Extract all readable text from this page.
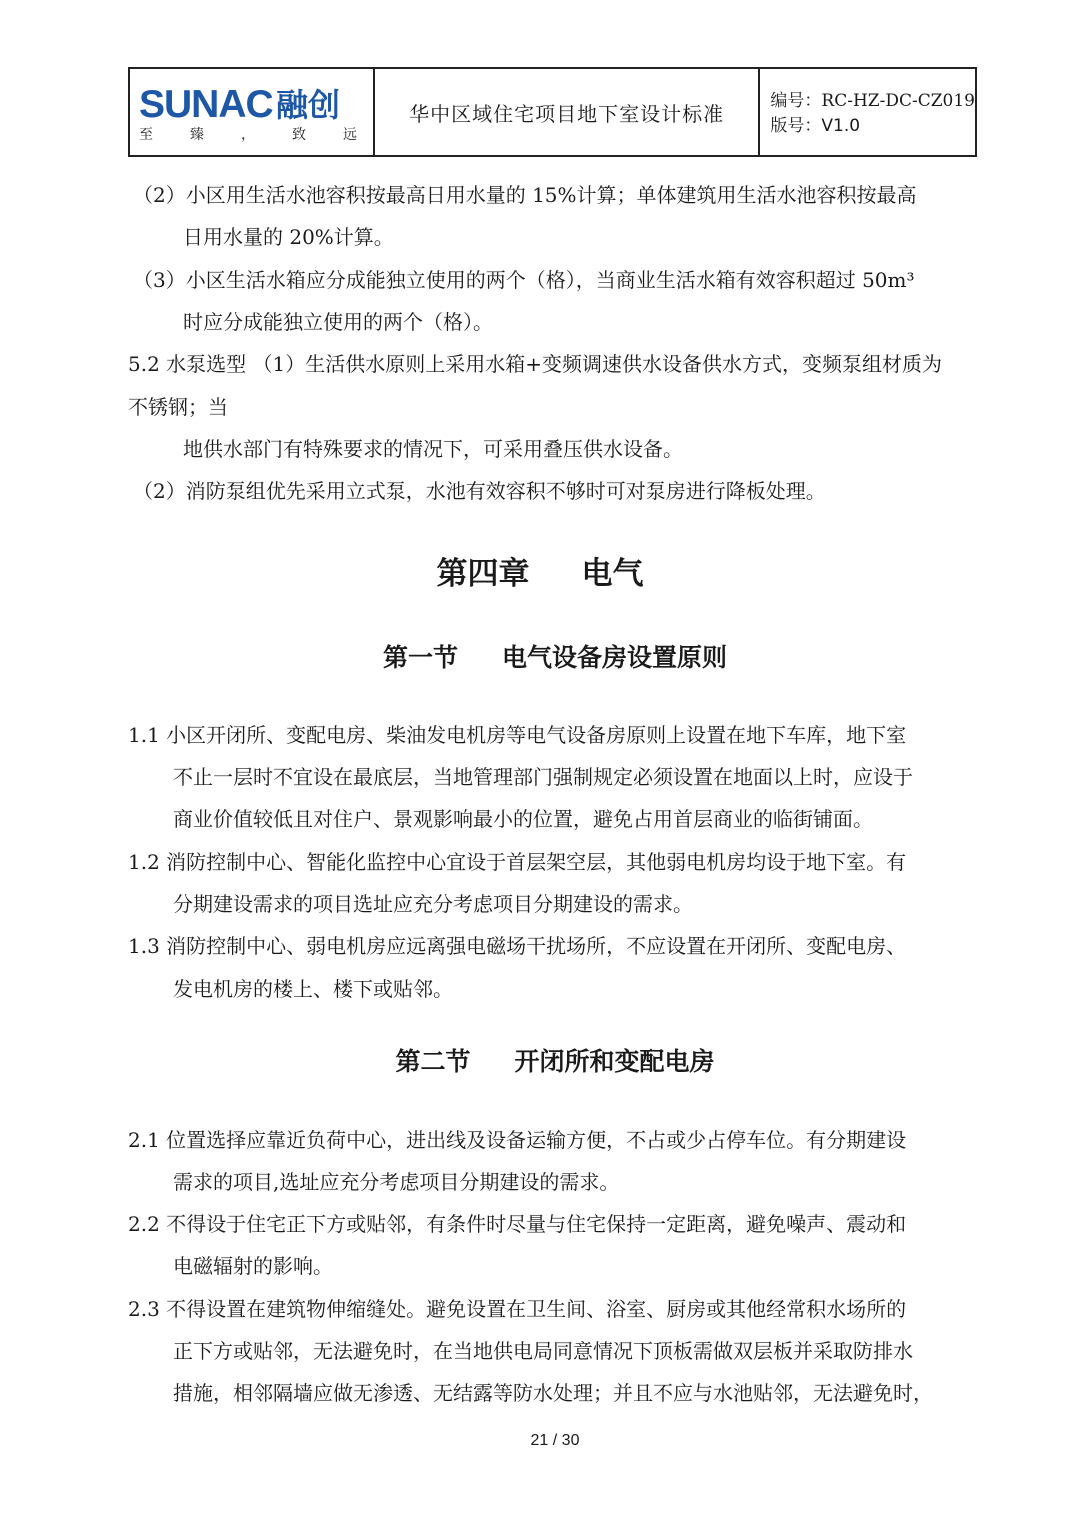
SUNAC 融创
至	臻	，	致	远
华中区域住宅项目地下室设计标准
编号：RC-HZ-DC-CZ019
版号：V1.0
（2）小区用生活水池容积按最高日用水量的 15%计算；单体建筑用生活水池容积按最高
日用水量的 20%计算。
（3）小区生活水箱应分成能独立使用的两个（格），当商业生活水箱有效容积超过 50m³
时应分成能独立使用的两个（格）。
5.2 水泵选型 （1）生活供水原则上采用水箱+变频调速供水设备供水方式，变频泵组材质为
不锈钢；当
地供水部门有特殊要求的情况下，可采用叠压供水设备。
（2）消防泵组优先采用立式泵，水池有效容积不够时可对泵房进行降板处理。
第四章 电气
第一节 电气设备房设置原则
1.1 小区开闭所、变配电房、柴油发电机房等电气设备房原则上设置在地下车库，地下室
不止一层时不宜设在最底层，当地管理部门强制规定必须设置在地面以上时，应设于
商业价值较低且对住户、景观影响最小的位置，避免占用首层商业的临街铺面。
1.2 消防控制中心、智能化监控中心宜设于首层架空层，其他弱电机房均设于地下室。有
分期建设需求的项目选址应充分考虑项目分期建设的需求。
1.3 消防控制中心、弱电机房应远离强电磁场干扰场所，不应设置在开闭所、变配电房、
发电机房的楼上、楼下或贴邻。
第二节 开闭所和变配电房
2.1 位置选择应靠近负荷中心，进出线及设备运输方便，不占或少占停车位。有分期建设
需求的项目,选址应充分考虑项目分期建设的需求。
2.2 不得设于住宅正下方或贴邻，有条件时尽量与住宅保持一定距离，避免噪声、震动和
电磁辐射的影响。
2.3 不得设置在建筑物伸缩缝处。避免设置在卫生间、浴室、厨房或其他经常积水场所的
正下方或贴邻，无法避免时，在当地供电局同意情况下顶板需做双层板并采取防排水
措施，相邻隔墙应做无渗透、无结露等防水处理；并且不应与水池贴邻，无法避免时，
21 / 30
